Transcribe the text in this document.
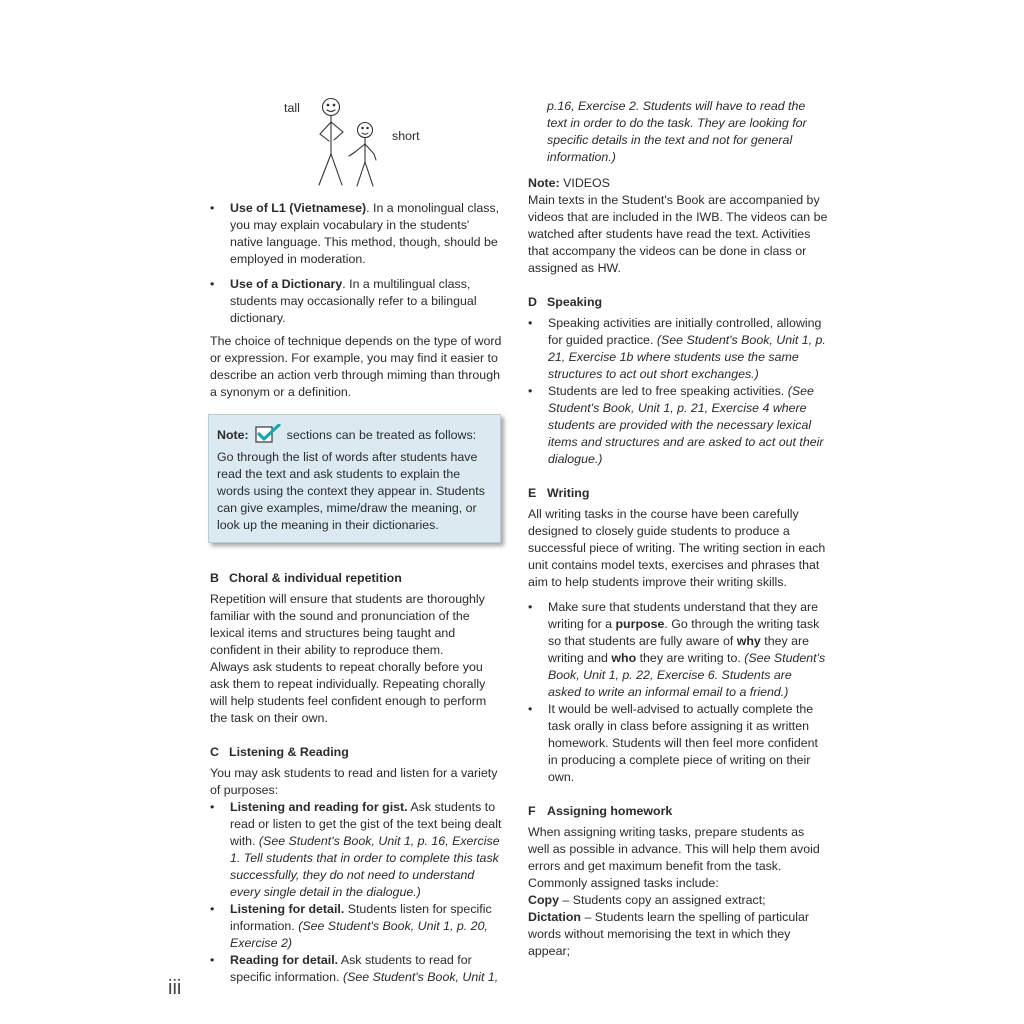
tall
short
• Use of L1 (Vietnamese). In a monolingual class, you may explain vocabulary in the students' native language. This method, though, should be employed in moderation.
• Use of a Dictionary. In a multilingual class, students may occasionally refer to a bilingual dictionary.

The choice of technique depends on the type of word or expression. For example, you may find it easier to describe an action verb through miming than through a synonym or a definition.

Note:	sections can be treated as follows:
Go through the list of words after students have read the text and ask students to explain the words using the context they appear in. Students can give examples, mime/draw the meaning, or look up the meaning in their dictionaries.
B Choral & individual repetition

Repetition will ensure that students are thoroughly familiar with the sound and pronunciation of the lexical items and structures being taught and confident in their ability to reproduce them.

Always ask students to repeat chorally before you ask them to repeat individually. Repeating chorally will help students feel confident enough to perform the task on their own.

C Listening & Reading

You may ask students to read and listen for a variety of purposes:

• Listening and reading for gist. Ask students to read or listen to get the gist of the text being dealt with. (See Student's Book, Unit 1, p. 16, Exercise 1. Tell students that in order to complete this task successfully, they do not need to understand every single detail in the dialogue.)
• Listening for detail. Students listen for specific information. (See Student's Book, Unit 1, p. 20, Exercise 2)
• Reading for detail. Ask students to read for specific information. (See Student's Book, Unit 1,

p.16, Exercise 2. Students will have to read the text in order to do the task. They are looking for specific details in the text and not for general information.)

Note: VIDEOS

Main texts in the Student's Book are accompanied by videos that are included in the IWB. The videos can be watched after students have read the text. Activities that accompany the videos can be done in class or assigned as HW.

D Speaking
• Speaking activities are initially controlled, allowing for guided practice. (See Student's Book, Unit 1, p. 21, Exercise 1b where students use the same structures to act out short exchanges.)
• Students are led to free speaking activities. (See Student's Book, Unit 1, p. 21, Exercise 4 where students are provided with the necessary lexical items and structures and are asked to act out their dialogue.)
E Writing

All writing tasks in the course have been carefully designed to closely guide students to produce a successful piece of writing. The writing section in each unit contains model texts, exercises and phrases that aim to help students improve their writing skills.

• Make sure that students understand that they are writing for a purpose. Go through the writing task so that students are fully aware of why they are writing and who they are writing to. (See Student's Book, Unit 1, p. 22, Exercise 6. Students are asked to write an informal email to a friend.)
• It would be well-advised to actually complete the task orally in class before assigning it as written homework. Students will then feel more confident in producing a complete piece of writing on their own.
F Assigning homework

When assigning writing tasks, prepare students as well as possible in advance. This will help them avoid errors and get maximum benefit from the task.

Commonly assigned tasks include:

Copy – Students copy an assigned extract;

Dictation – Students learn the spelling of particular words without memorising the text in which they appear;

iii
